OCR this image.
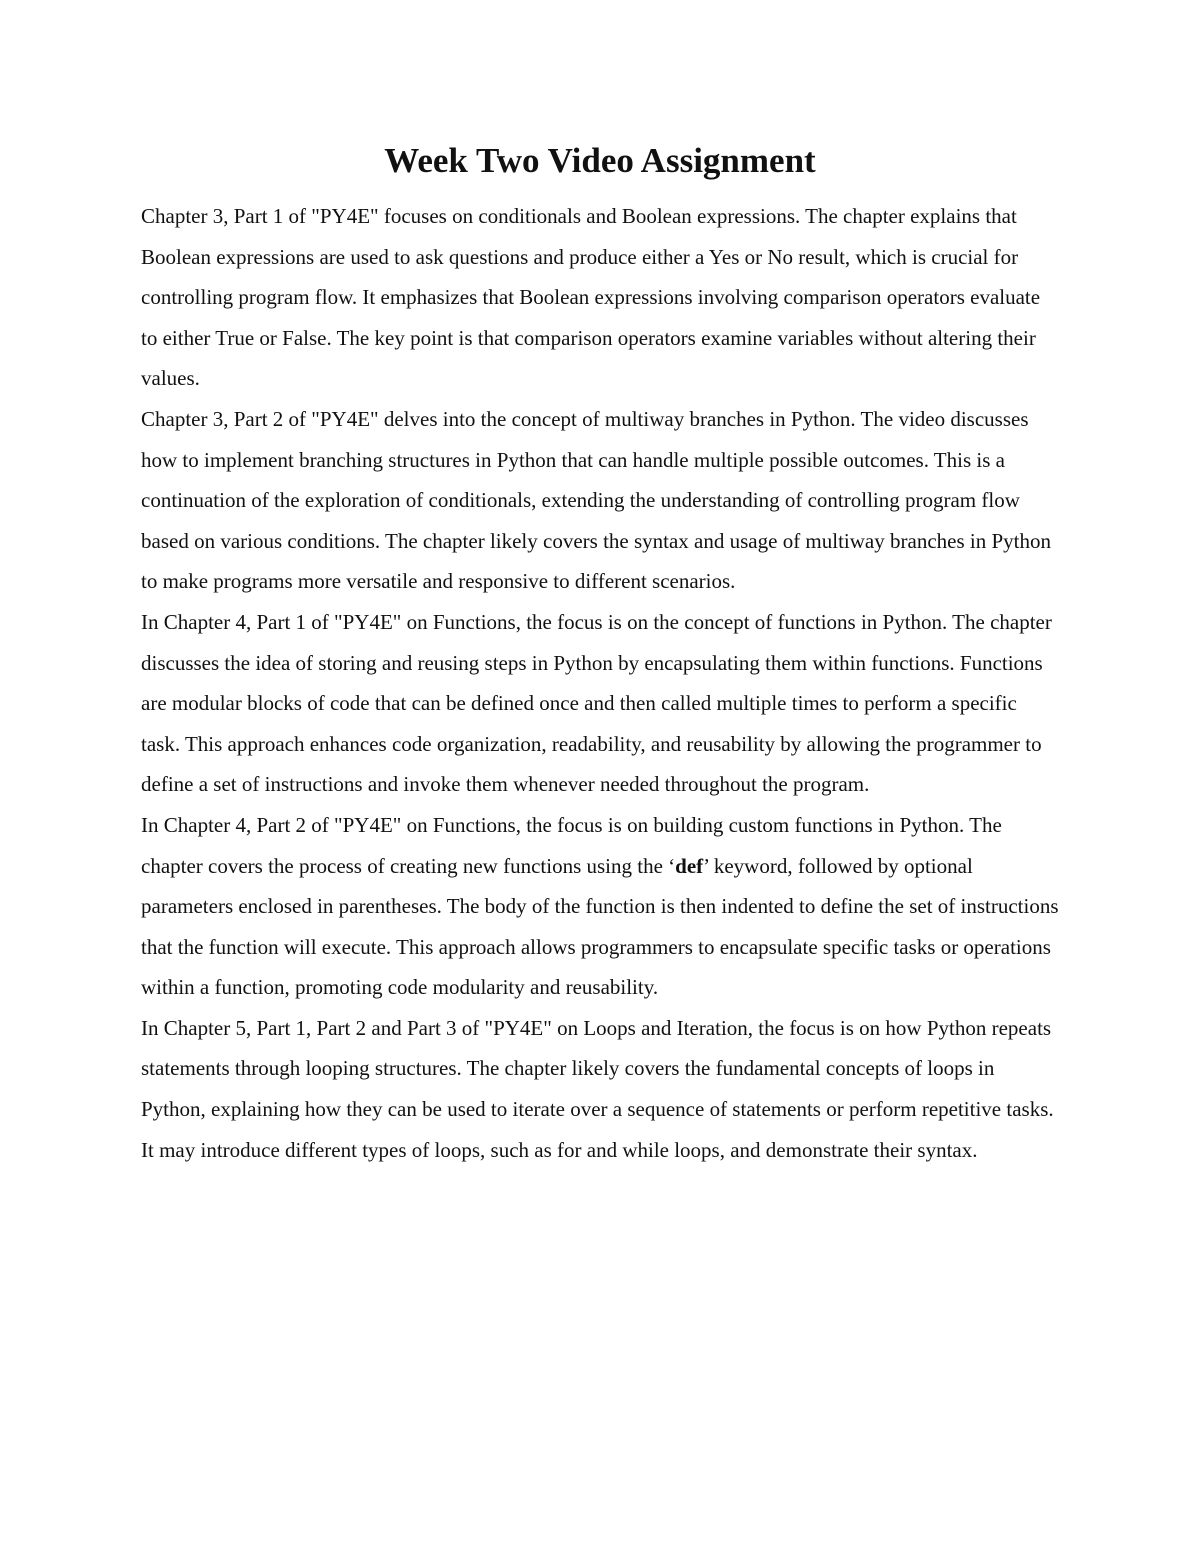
Week Two Video Assignment

Chapter 3, Part 1 of "PY4E" focuses on conditionals and Boolean expressions. The chapter explains that Boolean expressions are used to ask questions and produce either a Yes or No result, which is crucial for controlling program flow. It emphasizes that Boolean expressions involving comparison operators evaluate to either True or False. The key point is that comparison operators examine variables without altering their values.

Chapter 3, Part 2 of "PY4E" delves into the concept of multiway branches in Python. The video discusses how to implement branching structures in Python that can handle multiple possible outcomes. This is a continuation of the exploration of conditionals, extending the understanding of controlling program flow based on various conditions. The chapter likely covers the syntax and usage of multiway branches in Python to make programs more versatile and responsive to different scenarios.

In Chapter 4, Part 1 of "PY4E" on Functions, the focus is on the concept of functions in Python. The chapter discusses the idea of storing and reusing steps in Python by encapsulating them within functions. Functions are modular blocks of code that can be defined once and then called multiple times to perform a specific task. This approach enhances code organization, readability, and reusability by allowing the programmer to define a set of instructions and invoke them whenever needed throughout the program.

In Chapter 4, Part 2 of "PY4E" on Functions, the focus is on building custom functions in Python. The chapter covers the process of creating new functions using the ‘def’ keyword, followed by optional parameters enclosed in parentheses. The body of the function is then indented to define the set of instructions that the function will execute. This approach allows programmers to encapsulate specific tasks or operations within a function, promoting code modularity and reusability.

In Chapter 5, Part 1, Part 2 and Part 3 of "PY4E" on Loops and Iteration, the focus is on how Python repeats statements through looping structures. The chapter likely covers the fundamental concepts of loops in Python, explaining how they can be used to iterate over a sequence of statements or perform repetitive tasks. It may introduce different types of loops, such as for and while loops, and demonstrate their syntax.
